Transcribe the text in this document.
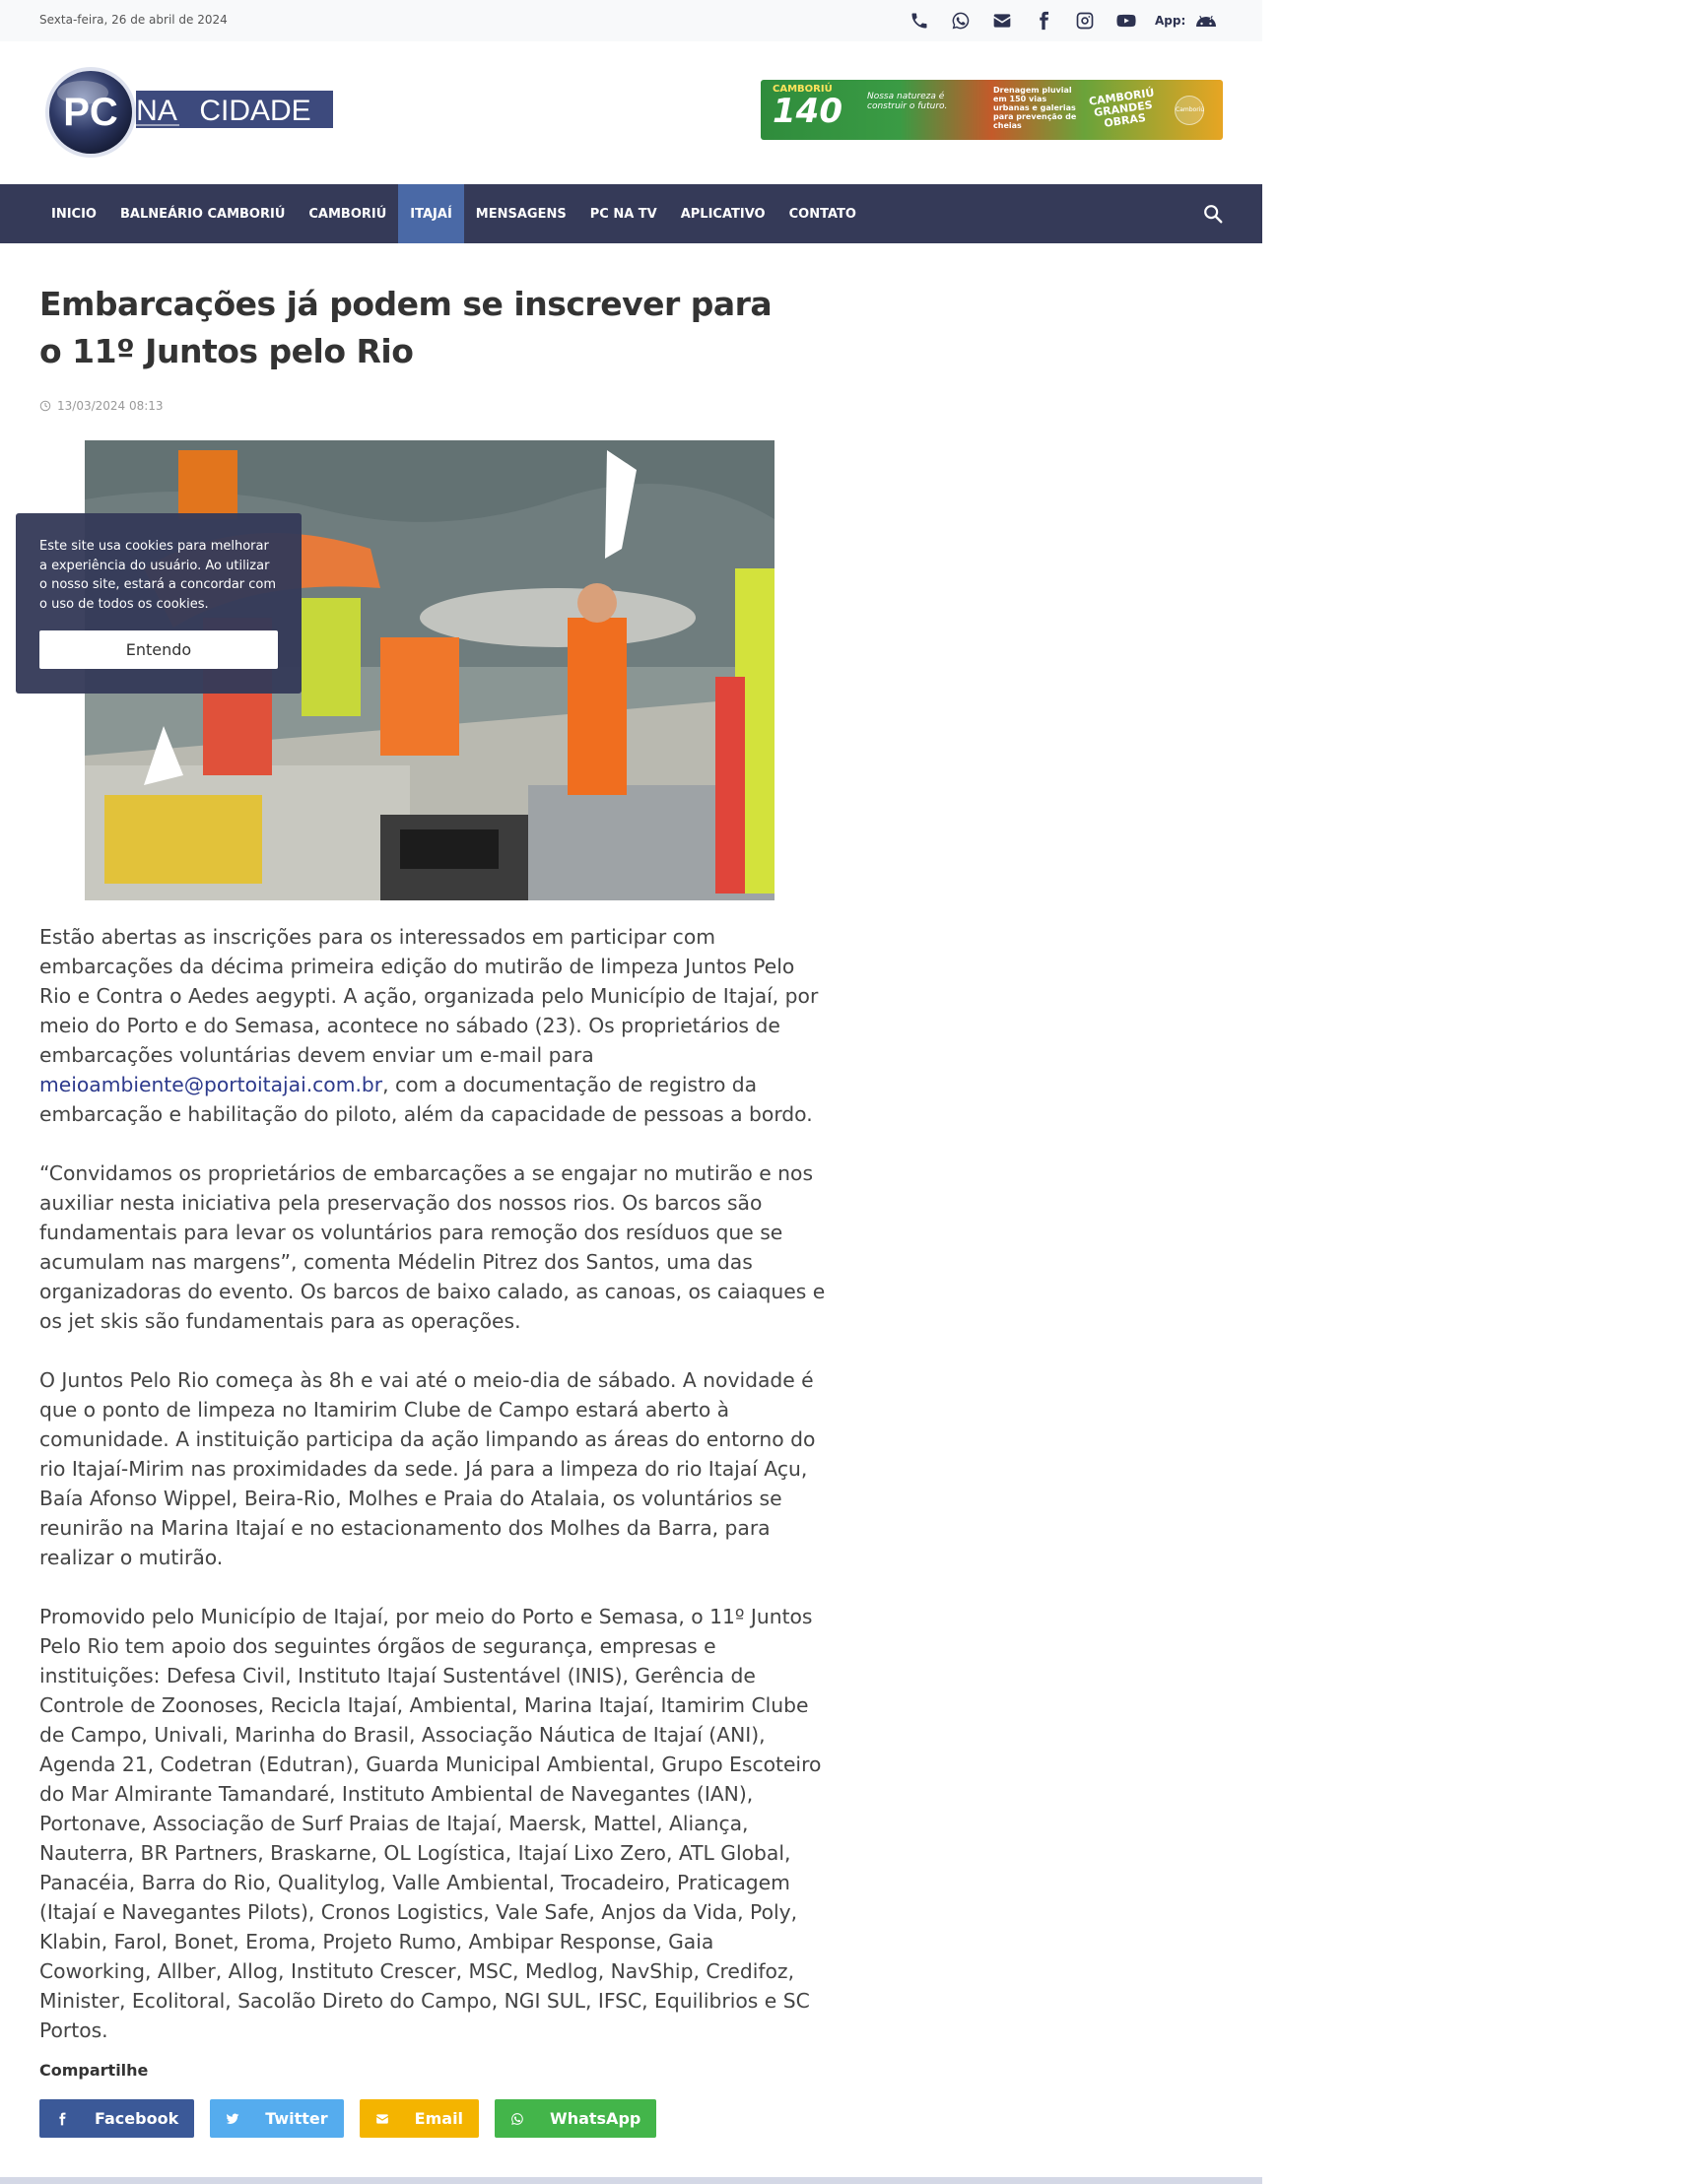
Sexta-feira, 26 de abril de 2024	App:
PC NA CIDADE
CAMBORIÚ
140	Nossa natureza é construir o futuro.
Drenagem pluvial em 150 vias urbanas e galerias para prevenção de cheias
CAMBORIÚ GRANDES OBRAS
Camboriú
INICIO	BALNEÁRIO CAMBORIÚ	CAMBORIÚ	ITAJAÍ	MENSAGENS	PC NA TV	APLICATIVO	CONTATO
Embarcações já podem se inscrever para o 11º Juntos pelo Rio
13/03/2024 08:13

Estão abertas as inscrições para os interessados em participar com embarcações da décima primeira edição do mutirão de limpeza Juntos Pelo Rio e Contra o Aedes aegypti. A ação, organizada pelo Município de Itajaí, por meio do Porto e do Semasa, acontece no sábado (23). Os proprietários de embarcações voluntárias devem enviar um e-mail para meioambiente@portoitajai.com.br, com a documentação de registro da embarcação e habilitação do piloto, além da capacidade de pessoas a bordo.

“Convidamos os proprietários de embarcações a se engajar no mutirão e nos auxiliar nesta iniciativa pela preservação dos nossos rios. Os barcos são fundamentais para levar os voluntários para remoção dos resíduos que se acumulam nas margens”, comenta Médelin Pitrez dos Santos, uma das organizadoras do evento. Os barcos de baixo calado, as canoas, os caiaques e os jet skis são fundamentais para as operações.

O Juntos Pelo Rio começa às 8h e vai até o meio-dia de sábado. A novidade é que o ponto de limpeza no Itamirim Clube de Campo estará aberto à comunidade. A instituição participa da ação limpando as áreas do entorno do rio Itajaí-Mirim nas proximidades da sede. Já para a limpeza do rio Itajaí Açu, Baía Afonso Wippel, Beira-Rio, Molhes e Praia do Atalaia, os voluntários se reunirão na Marina Itajaí e no estacionamento dos Molhes da Barra, para realizar o mutirão.

Promovido pelo Município de Itajaí, por meio do Porto e Semasa, o 11º Juntos Pelo Rio tem apoio dos seguintes órgãos de segurança, empresas e instituições: Defesa Civil, Instituto Itajaí Sustentável (INIS), Gerência de Controle de Zoonoses, Recicla Itajaí, Ambiental, Marina Itajaí, Itamirim Clube de Campo, Univali, Marinha do Brasil, Associação Náutica de Itajaí (ANI), Agenda 21, Codetran (Edutran), Guarda Municipal Ambiental, Grupo Escoteiro do Mar Almirante Tamandaré, Instituto Ambiental de Navegantes (IAN), Portonave, Associação de Surf Praias de Itajaí, Maersk, Mattel, Aliança, Nauterra, BR Partners, Braskarne, OL Logística, Itajaí Lixo Zero, ATL Global, Panacéia, Barra do Rio, Qualitylog, Valle Ambiental, Trocadeiro, Praticagem (Itajaí e Navegantes Pilots), Cronos Logistics, Vale Safe, Anjos da Vida, Poly, Klabin, Farol, Bonet, Eroma, Projeto Rumo, Ambipar Response, Gaia Coworking, Allber, Allog, Instituto Crescer, MSC, Medlog, NavShip, Credifoz, Minister, Ecolitoral, Sacolão Direto do Campo, NGI SUL, IFSC, Equilibrios e SC Portos.

Compartilhe
Facebook	Twitter	Email	WhatsApp
Este site usa cookies para melhorar a experiência do usuário. Ao utilizar o nosso site, estará a concordar com o uso de todos os cookies.
Entendo
